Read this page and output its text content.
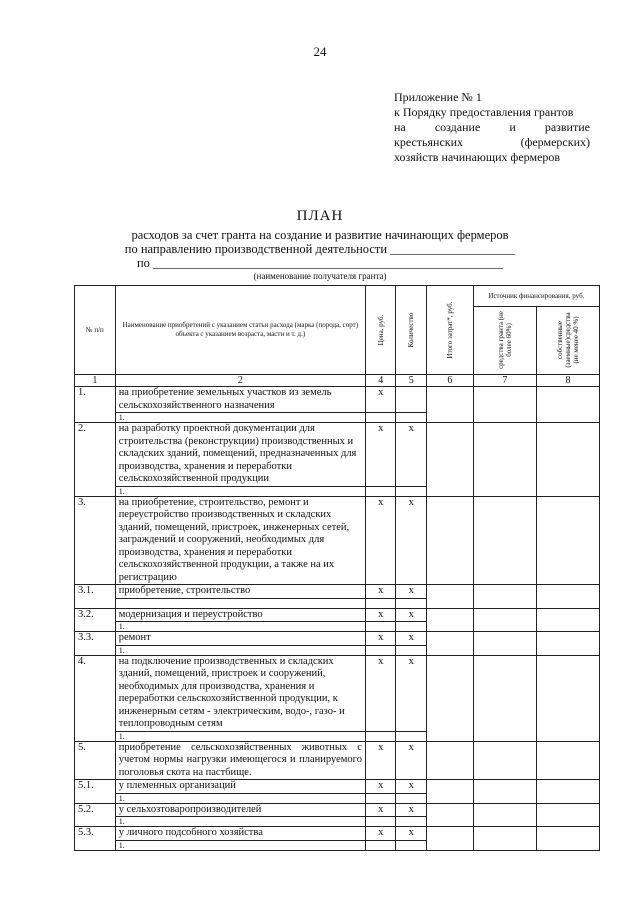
24
Приложение № 1
к Порядку предоставления грантов
на создание и развитие
крестьянских	(фермерских)
хозяйств начинающих фермеров
ПЛАН
расходов за счет гранта на создание и развитие начинающих фермеров
по направлению производственной деятельности ____________________
по ________________________________________________________
(наименование получателя гранта)
№ п/п	Наименование приобретений с указанием статьи расхода (марка (порода, сорт) объекта с указанием возраста, масти и т. д.)	Цена, руб.	Количество	Итого затрат*, руб.	Источник финансирования, руб.	

					средства гранта (не более 60%)	собственные (заемные)средства (не менее 40 %)

1	2	4	5	6	7	8
1.	на приобретение земельных участков из земель сельскохозяйственного назначения	х				
	1.					
2.	на разработку проектной документации для строительства (реконструкции) производственных и складских зданий, помещений, предназначенных для производства, хранения и переработки сельскохозяйственной продукции	х	х			
	1.					
3.	на приобретение, строительство, ремонт и переустройство производственных и складских зданий, помещений, пристроек, инженерных сетей, заграждений и сооружений, необходимых для производства, хранения и переработки сельскохозяйственной продукции, а также на их регистрацию	х	х			
3.1.	приобретение, строительство	х	х			

3.2.	модернизация и переустройство	х	х			
	1.					
3.3.	ремонт	х	х			
	1.					
4.	на подключение производственных и складских зданий, помещений, пристроек и сооружений, необходимых для производства, хранения и переработки сельскохозяйственной продукции, к инженерным сетям - электрическим, водо-, газо- и теплопроводным сетям	х	х			
	1.					
5.	приобретение сельскохозяйственных животных с учетом нормы нагрузки имеющегося и планируемого поголовья скота на пастбище.	х	х			
5.1.	у племенных организаций	х	х			
	1.					
5.2.	у сельхозтоваропроизводителей	х	х			
	1.					
5.3.	у личного подсобного хозяйства	х	х			
	1.					
